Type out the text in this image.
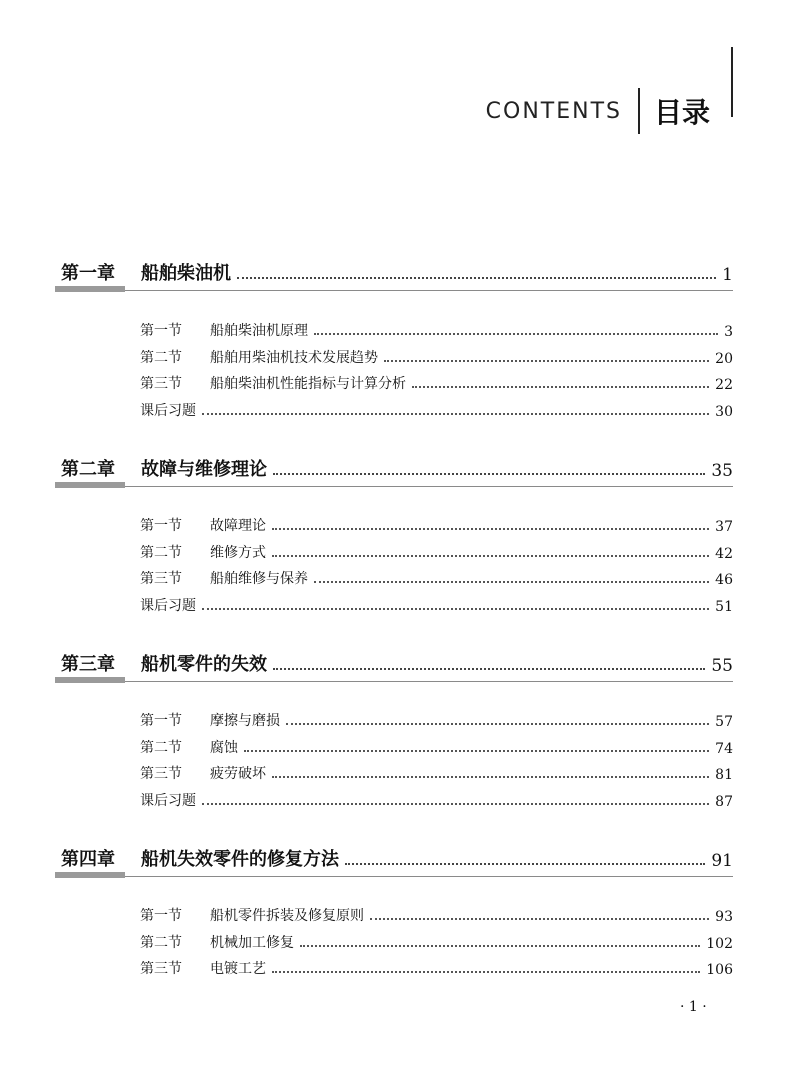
CONTENTS 目录
第一章	船舶柴油机	1
第一节	船舶柴油机原理	3
第二节	船舶用柴油机技术发展趋势	20
第三节	船舶柴油机性能指标与计算分析	22
课后习题	30
第二章	故障与维修理论	35
第一节	故障理论	37
第二节	维修方式	42
第三节	船舶维修与保养	46
课后习题	51
第三章	船机零件的失效	55
第一节	摩擦与磨损	57
第二节	腐蚀	74
第三节	疲劳破坏	81
课后习题	87
第四章	船机失效零件的修复方法	91
第一节	船机零件拆装及修复原则	93
第二节	机械加工修复	102
第三节	电镀工艺	106
· 1 ·
